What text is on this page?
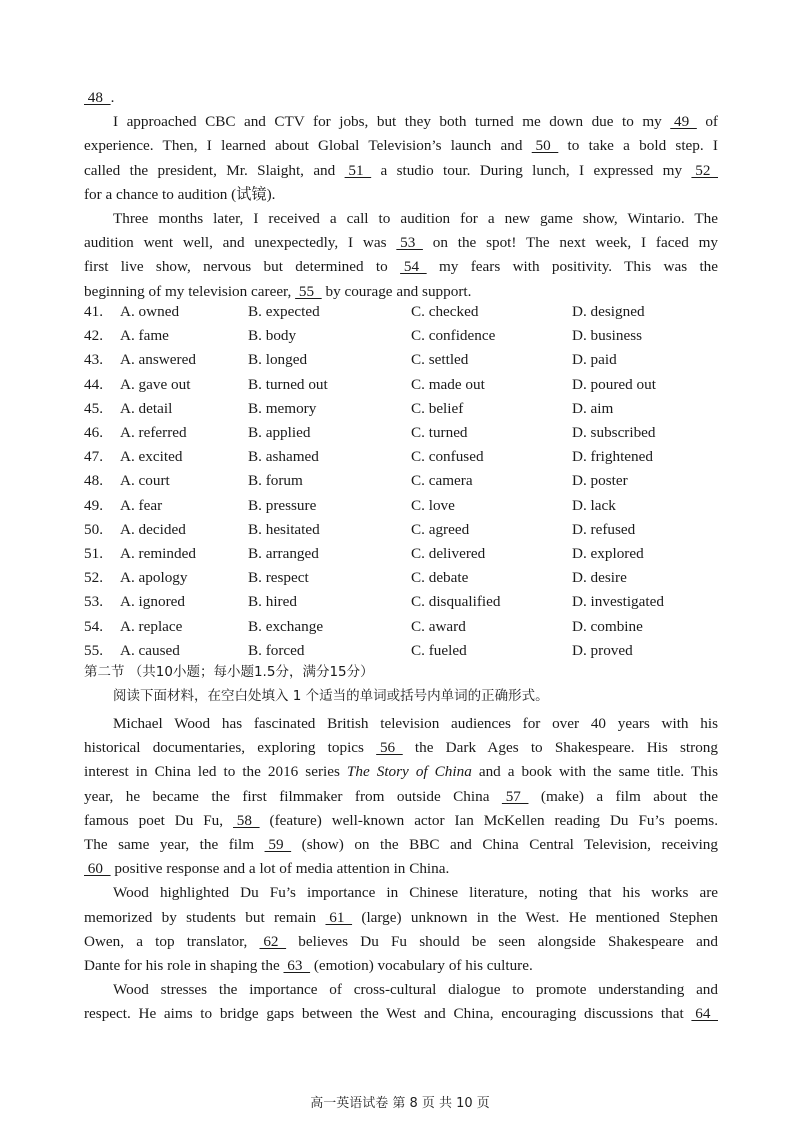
48  .
I approached CBC and CTV for jobs, but they both turned me down due to my  49   of
experience. Then, I learned about Global Television’s launch and  50   to take a bold step. I
called the president, Mr. Slaight, and  51   a studio tour. During lunch, I expressed my  52
for a chance to audition (试镜).
Three months later, I received a call to audition for a new game show, Wintario. The
audition went well, and unexpectedly, I was  53   on the spot! The next week, I faced my
first live show, nervous but determined to  54   my fears with positivity. This was the
beginning of my television career,  55   by courage and support.
41. A. owned	B. expected	C. checked	D. designed
42. A. fame	B. body	C. confidence	D. business
43. A. answered	B. longed	C. settled	D. paid
44. A. gave out	B. turned out	C. made out	D. poured out
45. A. detail	B. memory	C. belief	D. aim
46. A. referred	B. applied	C. turned	D. subscribed
47. A. excited	B. ashamed	C. confused	D. frightened
48. A. court	B. forum	C. camera	D. poster
49. A. fear	B. pressure	C. love	D. lack
50. A. decided	B. hesitated	C. agreed	D. refused
51. A. reminded	B. arranged	C. delivered	D. explored
52. A. apology	B. respect	C. debate	D. desire
53. A. ignored	B. hired	C. disqualified	D. investigated
54. A. replace	B. exchange	C. award	D. combine
55. A. caused	B. forced	C. fueled	D. proved
第二节 （共10小题；每小题1.5分，满分15分）
阅读下面材料，在空白处填入 1 个适当的单词或括号内单词的正确形式。
Michael Wood has fascinated British television audiences for over 40 years with his
historical documentaries, exploring topics  56   the Dark Ages to Shakespeare. His strong
interest in China led to the 2016 series The Story of China and a book with the same title. This
year, he became the first filmmaker from outside China  57   (make) a film about the
famous poet Du Fu,  58   (feature) well-known actor Ian McKellen reading Du Fu’s poems.
The same year, the film  59   (show) on the BBC and China Central Television, receiving
60   positive response and a lot of media attention in China.
Wood highlighted Du Fu’s importance in Chinese literature, noting that his works are
memorized by students but remain  61   (large) unknown in the West. He mentioned Stephen
Owen, a top translator,  62   believes Du Fu should be seen alongside Shakespeare and
Dante for his role in shaping the  63   (emotion) vocabulary of his culture.
Wood stresses the importance of cross-cultural dialogue to promote understanding and
respect. He aims to bridge gaps between the West and China, encouraging discussions that  64
高一英语试卷 第 8 页 共 10 页
